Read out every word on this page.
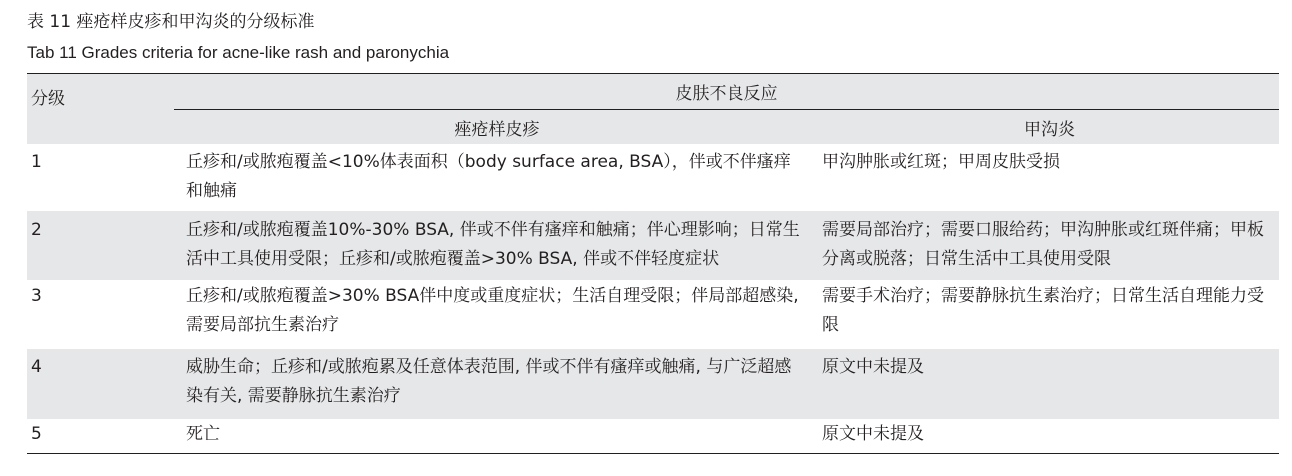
表 11 痤疮样皮疹和甲沟炎的分级标准
Tab 11 Grades criteria for acne-like rash and paronychia
分级	皮肤不良反应	
	痤疮样皮疹	甲沟炎
1	丘疹和/或脓疱覆盖<10%体表面积（body surface area, BSA），伴或不伴瘙痒和触痛	甲沟肿胀或红斑；甲周皮肤受损
2	丘疹和/或脓疱覆盖10%-30% BSA, 伴或不伴有瘙痒和触痛；伴心理影响；日常生活中工具使用受限；丘疹和/或脓疱覆盖>30% BSA, 伴或不伴轻度症状	需要局部治疗；需要口服给药；甲沟肿胀或红斑伴痛；甲板分离或脱落；日常生活中工具使用受限
3	丘疹和/或脓疱覆盖>30% BSA伴中度或重度症状；生活自理受限；伴局部超感染, 需要局部抗生素治疗	需要手术治疗；需要静脉抗生素治疗；日常生活自理能力受限
4	威胁生命；丘疹和/或脓疱累及任意体表范围, 伴或不伴有瘙痒或触痛, 与广泛超感染有关, 需要静脉抗生素治疗	原文中未提及
5	死亡	原文中未提及
